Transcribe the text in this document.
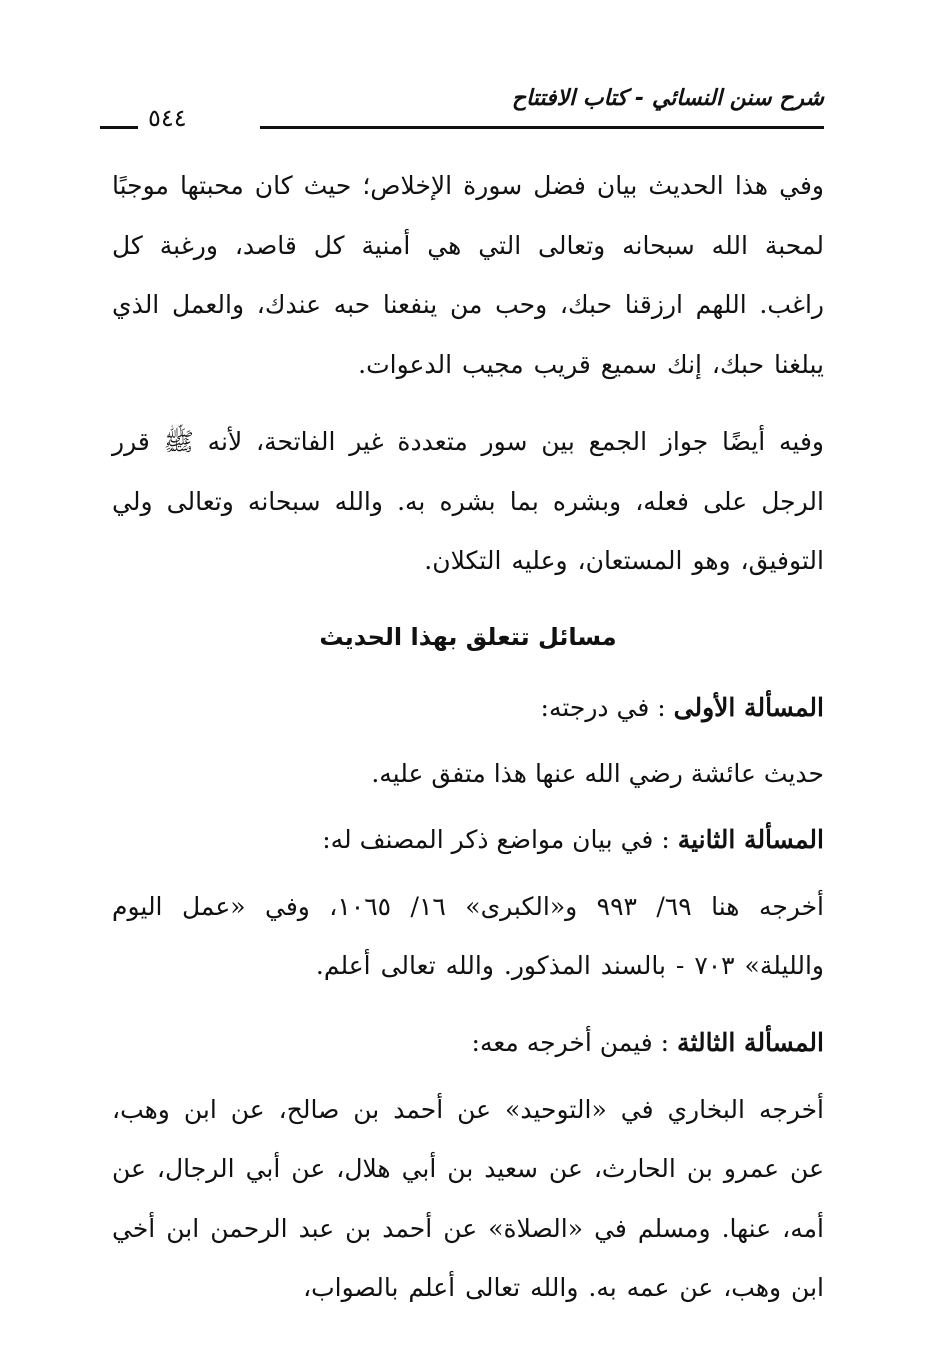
شرح سنن النسائي - كتاب الافتتاح
٥٤٤

وفي هذا الحديث بيان فضل سورة الإخلاص؛ حيث كان محبتها موجبًا لمحبة الله سبحانه وتعالى التي هي أمنية كل قاصد، ورغبة كل راغب. اللهم ارزقنا حبك، وحب من ينفعنا حبه عندك، والعمل الذي يبلغنا حبك، إنك سميع قريب مجيب الدعوات.

وفيه أيضًا جواز الجمع بين سور متعددة غير الفاتحة، لأنه ﷺ قرر الرجل على فعله، وبشره بما بشره به. والله سبحانه وتعالى ولي التوفيق، وهو المستعان، وعليه التكلان.

مسائل تتعلق بهذا الحديث

المسألة الأولى : في درجته:

حديث عائشة رضي الله عنها هذا متفق عليه.

المسألة الثانية : في بيان مواضع ذكر المصنف له:

أخرجه هنا ٦٩/ ٩٩٣ و«الكبرى» ١٦/ ١٠٦٥، وفي «عمل اليوم والليلة» ٧٠٣ - بالسند المذكور. والله تعالى أعلم.

المسألة الثالثة : فيمن أخرجه معه:

أخرجه البخاري في «التوحيد» عن أحمد بن صالح، عن ابن وهب، عن عمرو بن الحارث، عن سعيد بن أبي هلال، عن أبي الرجال، عن أمه، عنها. ومسلم في «الصلاة» عن أحمد بن عبد الرحمن ابن أخي ابن وهب، عن عمه به. والله تعالى أعلم بالصواب،
